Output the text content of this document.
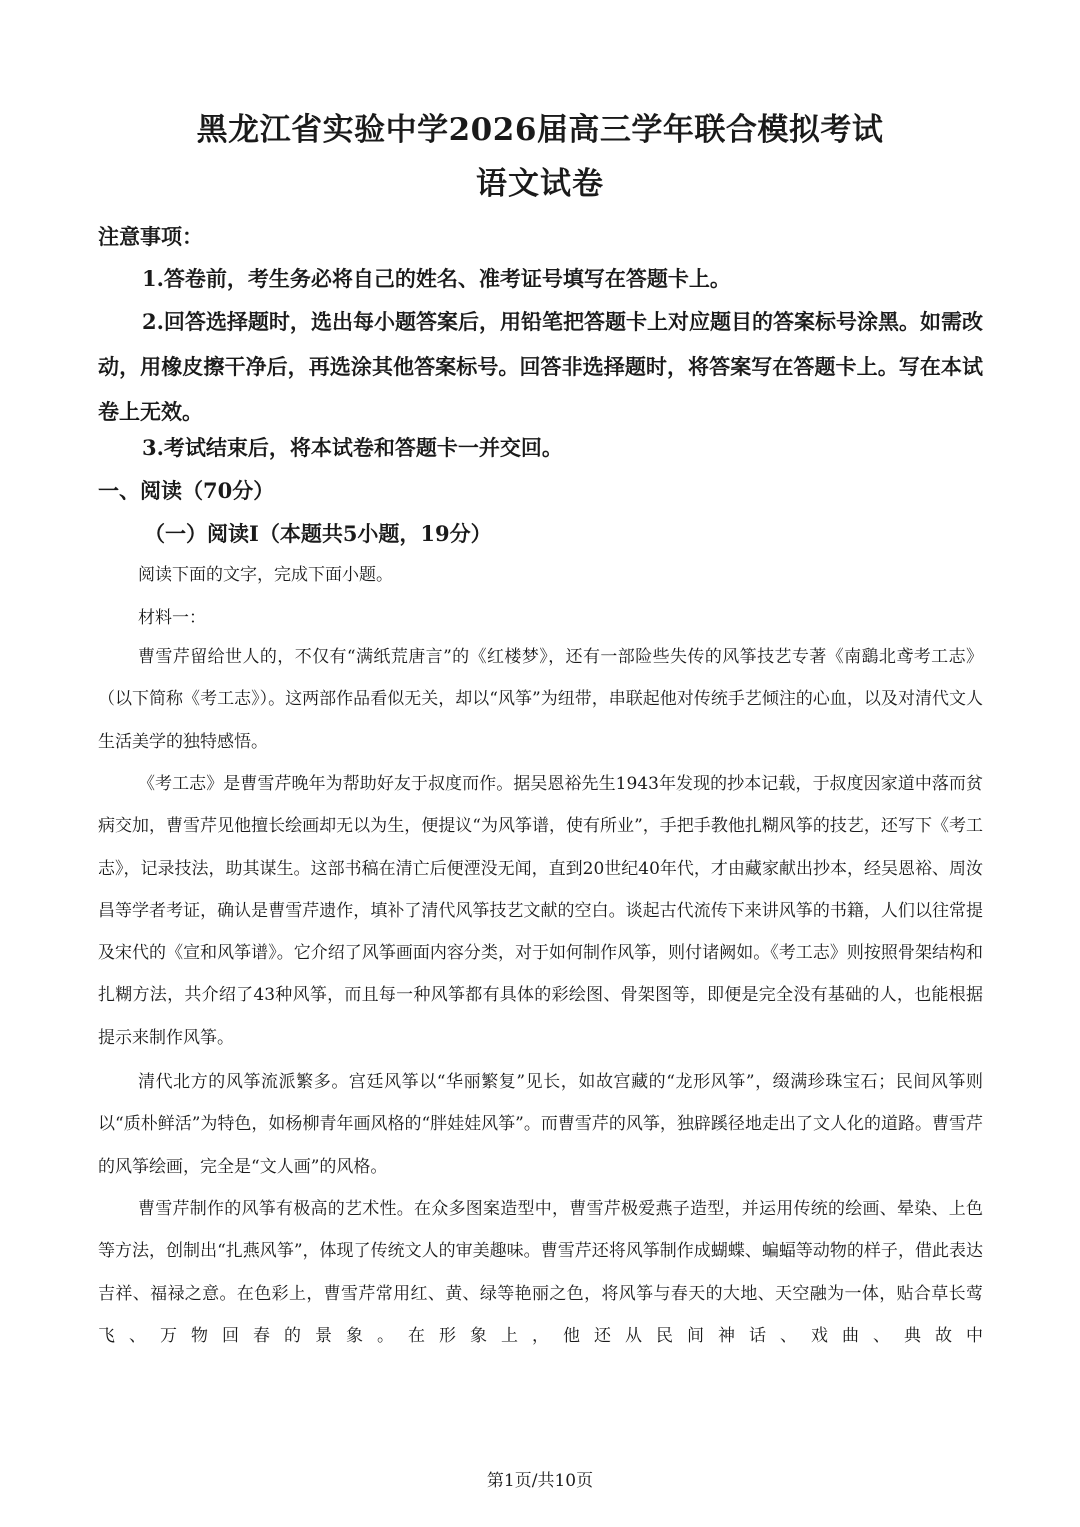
黑龙江省实验中学2026届高三学年联合模拟考试
语文试卷
注意事项：
1.答卷前，考生务必将自己的姓名、准考证号填写在答题卡上。
2.回答选择题时，选出每小题答案后，用铅笔把答题卡上对应题目的答案标号涂黑。如需改动，用橡皮擦干净后，再选涂其他答案标号。回答非选择题时，将答案写在答题卡上。写在本试卷上无效。
3.考试结束后，将本试卷和答题卡一并交回。
一、阅读（70分）
（一）阅读Ⅰ（本题共5小题，19分）
阅读下面的文字，完成下面小题。
材料一：
曹雪芹留给世人的，不仅有“满纸荒唐言”的《红楼梦》，还有一部险些失传的风筝技艺专著《南鷂北鸢考工志》（以下简称《考工志》）。这两部作品看似无关，却以“风筝”为纽带，串联起他对传统手艺倾注的心血，以及对清代文人生活美学的独特感悟。
《考工志》是曹雪芹晚年为帮助好友于叔度而作。据吴恩裕先生1943年发现的抄本记载，于叔度因家道中落而贫病交加，曹雪芹见他擅长绘画却无以为生，便提议“为风筝谱，使有所业”，手把手教他扎糊风筝的技艺，还写下《考工志》，记录技法，助其谋生。这部书稿在清亡后便湮没无闻，直到20世纪40年代，才由藏家献出抄本，经吴恩裕、周汝昌等学者考证，确认是曹雪芹遗作，填补了清代风筝技艺文献的空白。谈起古代流传下来讲风筝的书籍，人们以往常提及宋代的《宣和风筝谱》。它介绍了风筝画面内容分类，对于如何制作风筝，则付诸阙如。《考工志》则按照骨架结构和扎糊方法，共介绍了43种风筝，而且每一种风筝都有具体的彩绘图、骨架图等，即便是完全没有基础的人，也能根据提示来制作风筝。
清代北方的风筝流派繁多。宫廷风筝以“华丽繁复”见长，如故宫藏的“龙形风筝”，缀满珍珠宝石；民间风筝则以“质朴鲜活”为特色，如杨柳青年画风格的“胖娃娃风筝”。而曹雪芹的风筝，独辟蹊径地走出了文人化的道路。曹雪芹的风筝绘画，完全是“文人画”的风格。
曹雪芹制作的风筝有极高的艺术性。在众多图案造型中，曹雪芹极爱燕子造型，并运用传统的绘画、晕染、上色等方法，创制出“扎燕风筝”，体现了传统文人的审美趣味。曹雪芹还将风筝制作成蝴蝶、蝙蝠等动物的样子，借此表达吉祥、福禄之意。在色彩上，曹雪芹常用红、黄、绿等艳丽之色，将风筝与春天的大地、天空融为一体，贴合草长莺飞、万物回春的景象。在形象上，他还从民间神话、戏曲、典故中
第1页/共10页
